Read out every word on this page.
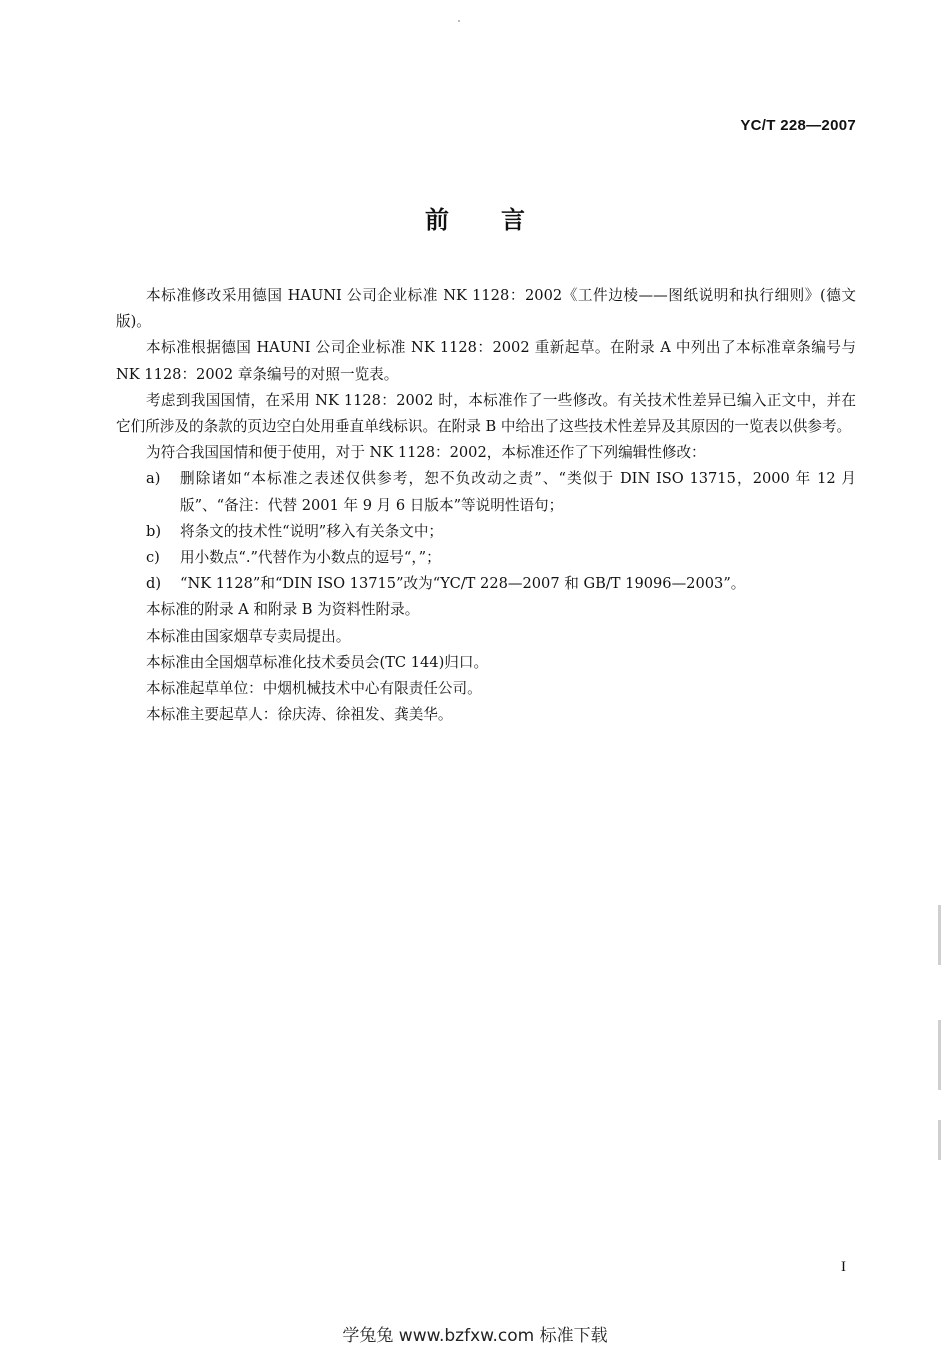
YC/T 228—2007
前言

本标准修改采用德国 HAUNI 公司企业标准 NK 1128：2002《工件边棱——图纸说明和执行细则》(德文版)。

本标准根据德国 HAUNI 公司企业标准 NK 1128：2002 重新起草。在附录 A 中列出了本标准章条编号与 NK 1128：2002 章条编号的对照一览表。

考虑到我国国情，在采用 NK 1128：2002 时，本标准作了一些修改。有关技术性差异已编入正文中，并在它们所涉及的条款的页边空白处用垂直单线标识。在附录 B 中给出了这些技术性差异及其原因的一览表以供参考。

为符合我国国情和便于使用，对于 NK 1128：2002，本标准还作了下列编辑性修改：

a) 删除诸如“本标准之表述仅供参考，恕不负改动之责”、“类似于 DIN ISO 13715，2000 年 12 月版”、“备注：代替 2001 年 9 月 6 日版本”等说明性语句；
b) 将条文的技术性“说明”移入有关条文中；
c) 用小数点“.”代替作为小数点的逗号“，”；
d) “NK 1128”和“DIN ISO 13715”改为“YC/T 228—2007 和 GB/T 19096—2003”。

本标准的附录 A 和附录 B 为资料性附录。

本标准由国家烟草专卖局提出。

本标准由全国烟草标准化技术委员会(TC 144)归口。

本标准起草单位：中烟机械技术中心有限责任公司。

本标准主要起草人：徐庆涛、徐祖发、龚美华。

I
学兔兔 www.bzfxw.com 标准下载
